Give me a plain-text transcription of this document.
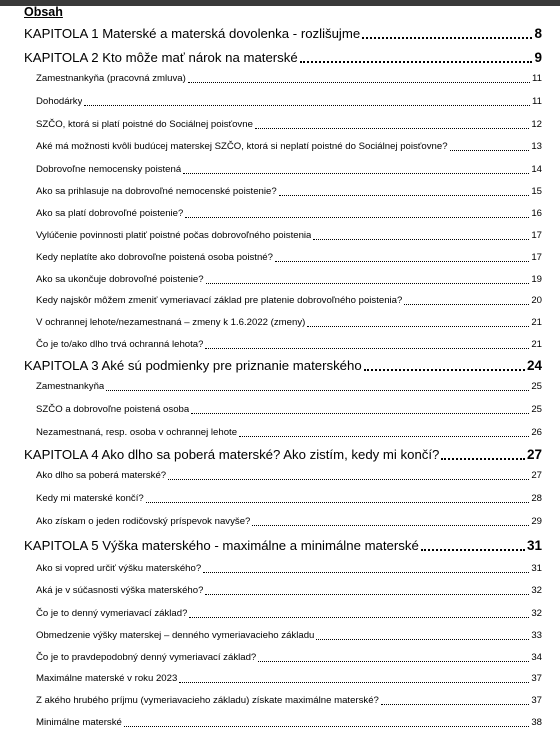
Obsah
KAPITOLA 1 Materské a materská dovolenka - rozlišujme	8
KAPITOLA 2 Kto môže mať nárok na materské	9
Zamestnankyňa (pracovná zmluva)	11
Dohodárky	11
SZČO, ktorá si platí poistné do Sociálnej poisťovne	12
Aké má možnosti kvôli budúcej materskej SZČO, ktorá si neplatí poistné do Sociálnej poisťovne?	13
Dobrovoľne nemocensky poistená	14
Ako sa prihlasuje na dobrovoľné nemocenské poistenie?	15
Ako sa platí dobrovoľné poistenie?	16
Vylúčenie povinnosti platiť poistné počas dobrovoľného poistenia	17
Kedy neplatíte ako dobrovoľne poistená osoba poistné?	17
Ako sa ukončuje dobrovoľné poistenie?	19
Kedy najskôr môžem zmeniť vymeriavací základ pre platenie dobrovoľného poistenia?	20
V ochrannej lehote/nezamestnaná – zmeny k 1.6.2022 (zmeny)	21
Čo je to/ako dlho trvá ochranná lehota?	21
KAPITOLA 3 Aké sú podmienky pre priznanie materského	24
Zamestnankyňa	25
SZČO a dobrovoľne poistená osoba	25
Nezamestnaná, resp. osoba v ochrannej lehote	26
KAPITOLA 4 Ako dlho sa poberá materské? Ako zistím, kedy mi končí?	27
Ako dlho sa poberá materské?	27
Kedy mi materské končí?	28
Ako získam o jeden rodičovský príspevok navyše?	29
KAPITOLA 5 Výška materského - maximálne a minimálne materské	31
Ako si vopred určiť výšku materského?	31
Aká je v súčasnosti výška materského?	32
Čo je to denný vymeriavací základ?	32
Obmedzenie výšky materskej – denného vymeriavacieho základu	33
Čo je to pravdepodobný denný vymeriavací základ?	34
Maximálne materské v roku 2023	37
Z akého hrubého príjmu (vymeriavacieho základu) získate maximálne materské?	37
Minimálne materské	38
